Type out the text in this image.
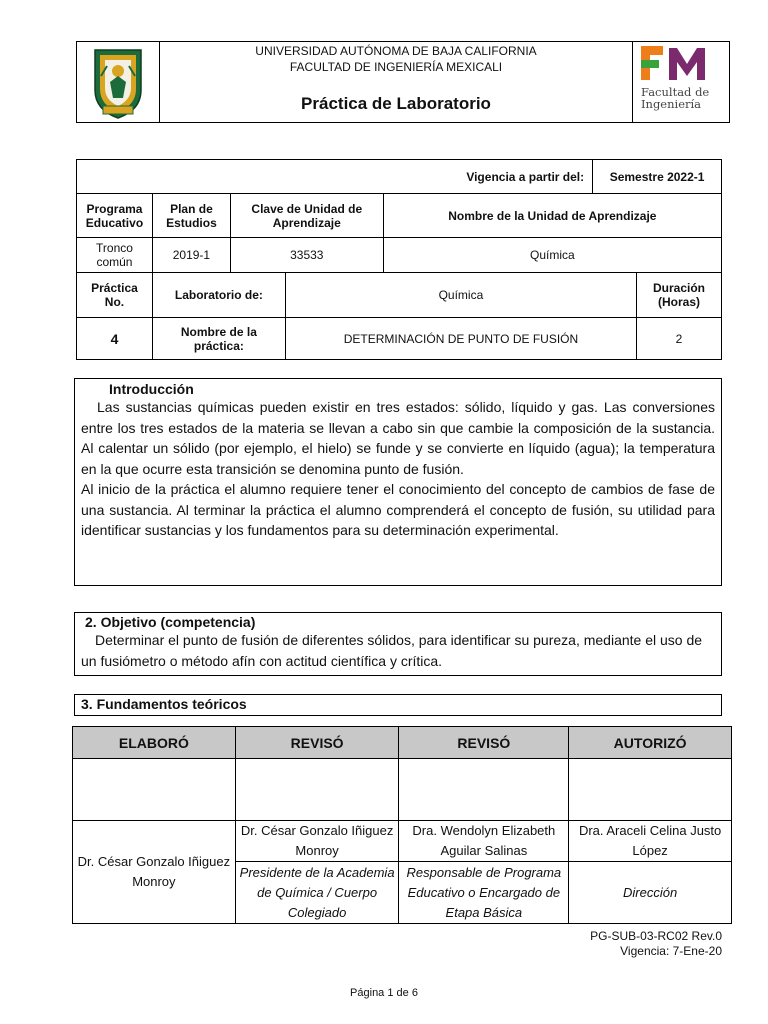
UNIVERSIDAD AUTÓNOMA DE BAJA CALIFORNIA
FACULTAD DE INGENIERÍA MEXICALI
Práctica de Laboratorio
Facultad de
Ingeniería
Vigencia a partir del:					Semestre 2022-1	
Programa Educativo	Plan de Estudios	Clave de Unidad de Aprendizaje		Nombre de la Unidad de Aprendizaje		
Tronco común	2019-1	33533		Química		
Práctica No.	Laboratorio de:		Química			Duración (Horas)
4	Nombre de la práctica:		DETERMINACIÓN DE PUNTO DE FUSIÓN			2
Introducción

Las sustancias químicas pueden existir en tres estados: sólido, líquido y gas. Las conversiones entre los tres estados de la materia se llevan a cabo sin que cambie la composición de la sustancia. Al calentar un sólido (por ejemplo, el hielo) se funde y se convierte en líquido (agua); la temperatura en la que ocurre esta transición se denomina punto de fusión.

Al inicio de la práctica el alumno requiere tener el conocimiento del concepto de cambios de fase de una sustancia. Al terminar la práctica el alumno comprenderá el concepto de fusión, su utilidad para identificar sustancias y los fundamentos para su determinación experimental.

2. Objetivo (competencia)

Determinar el punto de fusión de diferentes sólidos, para identificar su pureza, mediante el uso de un fusiómetro o método afín con actitud científica y crítica.

3. Fundamentos teóricos
ELABORÓ	REVISÓ	REVISÓ	AUTORIZÓ

Dr. César Gonzalo Iñiguez Monroy	Dr. César Gonzalo Iñiguez Monroy	Dra. Wendolyn Elizabeth Aguilar Salinas	Dra. Araceli Celina Justo López
	Presidente de la Academia de Química / Cuerpo Colegiado	Responsable de Programa Educativo o Encargado de Etapa Básica	Dirección
PG-SUB-03-RC02 Rev.0
Vigencia: 7-Ene-20
Página 1 de 6
